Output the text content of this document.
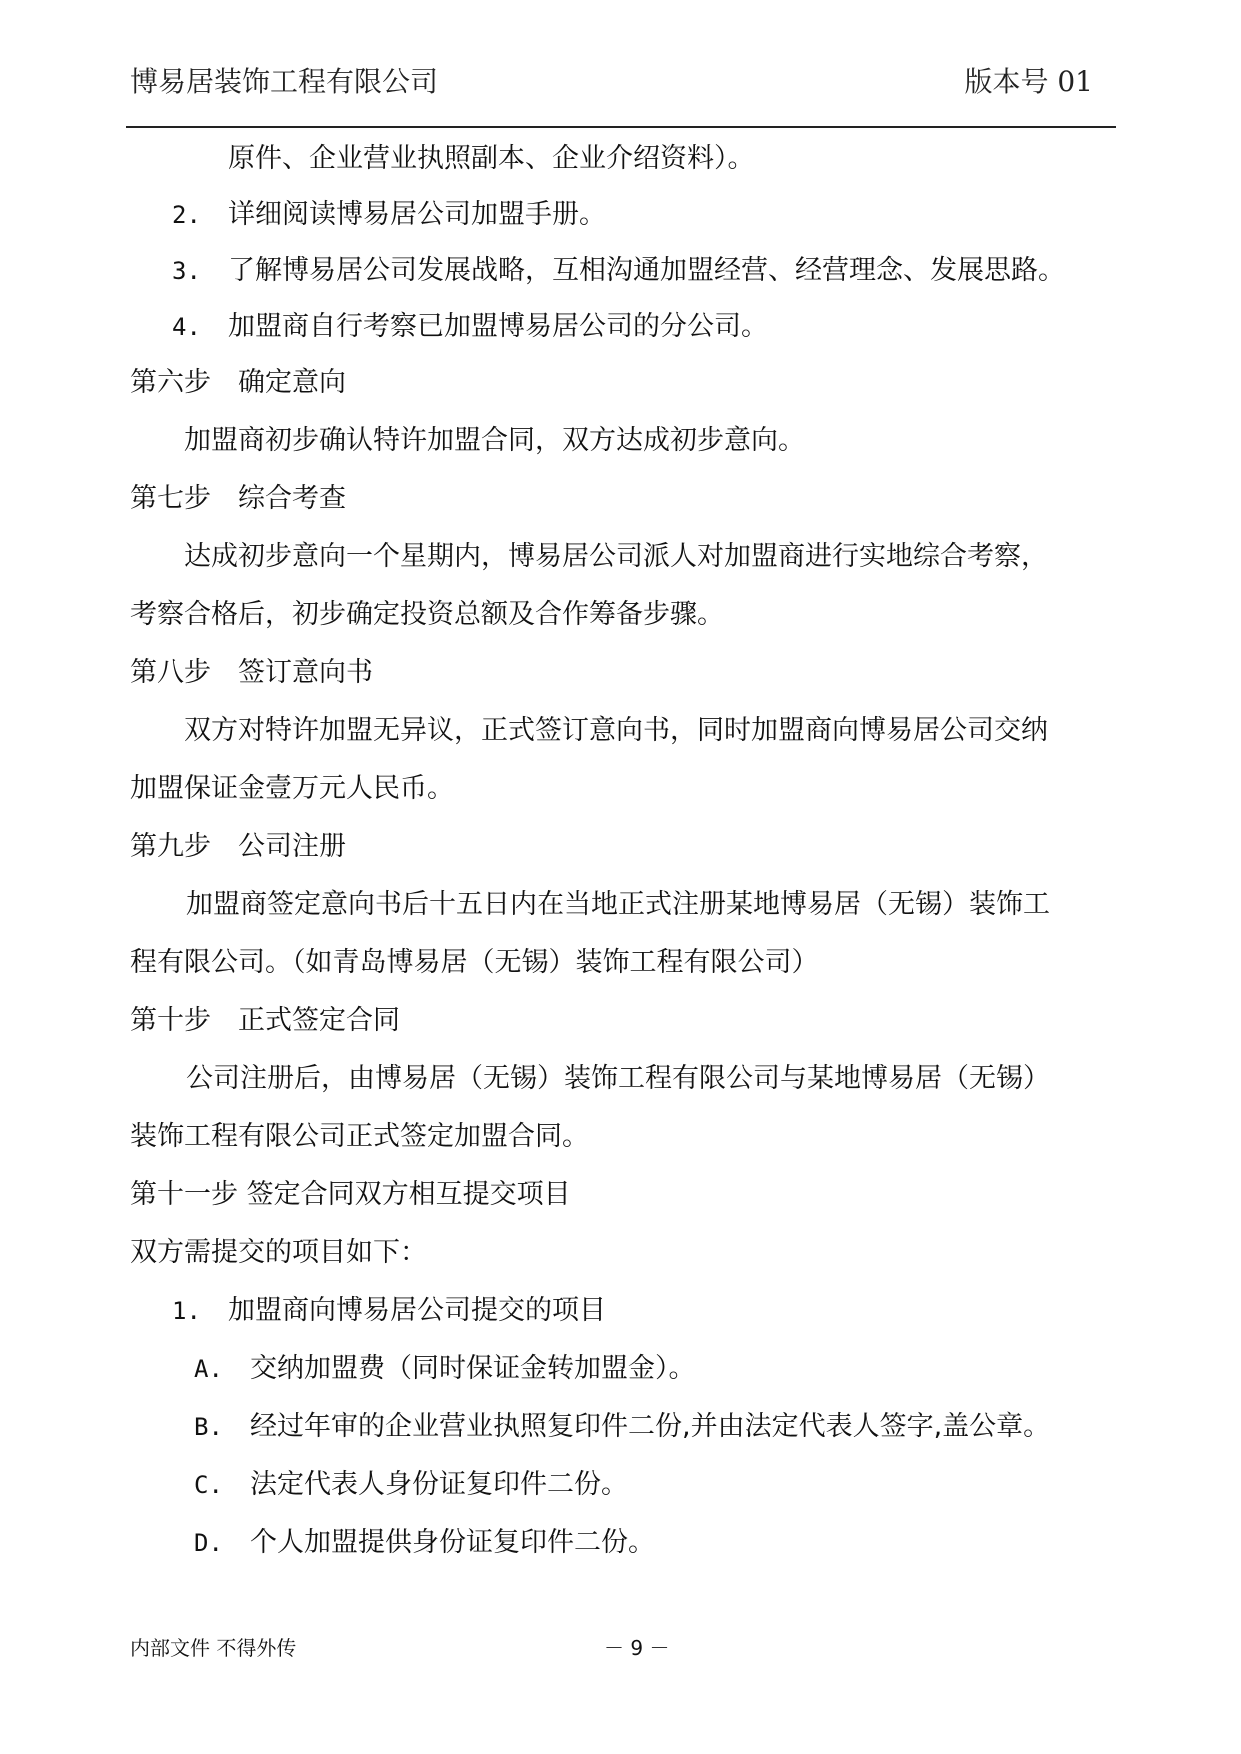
博易居装饰工程有限公司	版本号 01
原件、企业营业执照副本、企业介绍资料）。
2. 详细阅读博易居公司加盟手册。
3. 了解博易居公司发展战略，互相沟通加盟经营、经营理念、发展思路。
4. 加盟商自行考察已加盟博易居公司的分公司。
第六步　确定意向
加盟商初步确认特许加盟合同，双方达成初步意向。
第七步　综合考查
达成初步意向一个星期内，博易居公司派人对加盟商进行实地综合考察，
考察合格后，初步确定投资总额及合作筹备步骤。
第八步　签订意向书
双方对特许加盟无异议，正式签订意向书，同时加盟商向博易居公司交纳
加盟保证金壹万元人民币。
第九步　公司注册
加盟商签定意向书后十五日内在当地正式注册某地博易居（无锡）装饰工
程有限公司。（如青岛博易居（无锡）装饰工程有限公司）
第十步　正式签定合同
公司注册后，由博易居（无锡）装饰工程有限公司与某地博易居（无锡）
装饰工程有限公司正式签定加盟合同。
第十一步 签定合同双方相互提交项目
双方需提交的项目如下：
1. 加盟商向博易居公司提交的项目
A. 交纳加盟费（同时保证金转加盟金）。
B. 经过年审的企业营业执照复印件二份,并由法定代表人签字,盖公章。
C. 法定代表人身份证复印件二份。
D. 个人加盟提供身份证复印件二份。
内部文件 不得外传	－ 9 －
